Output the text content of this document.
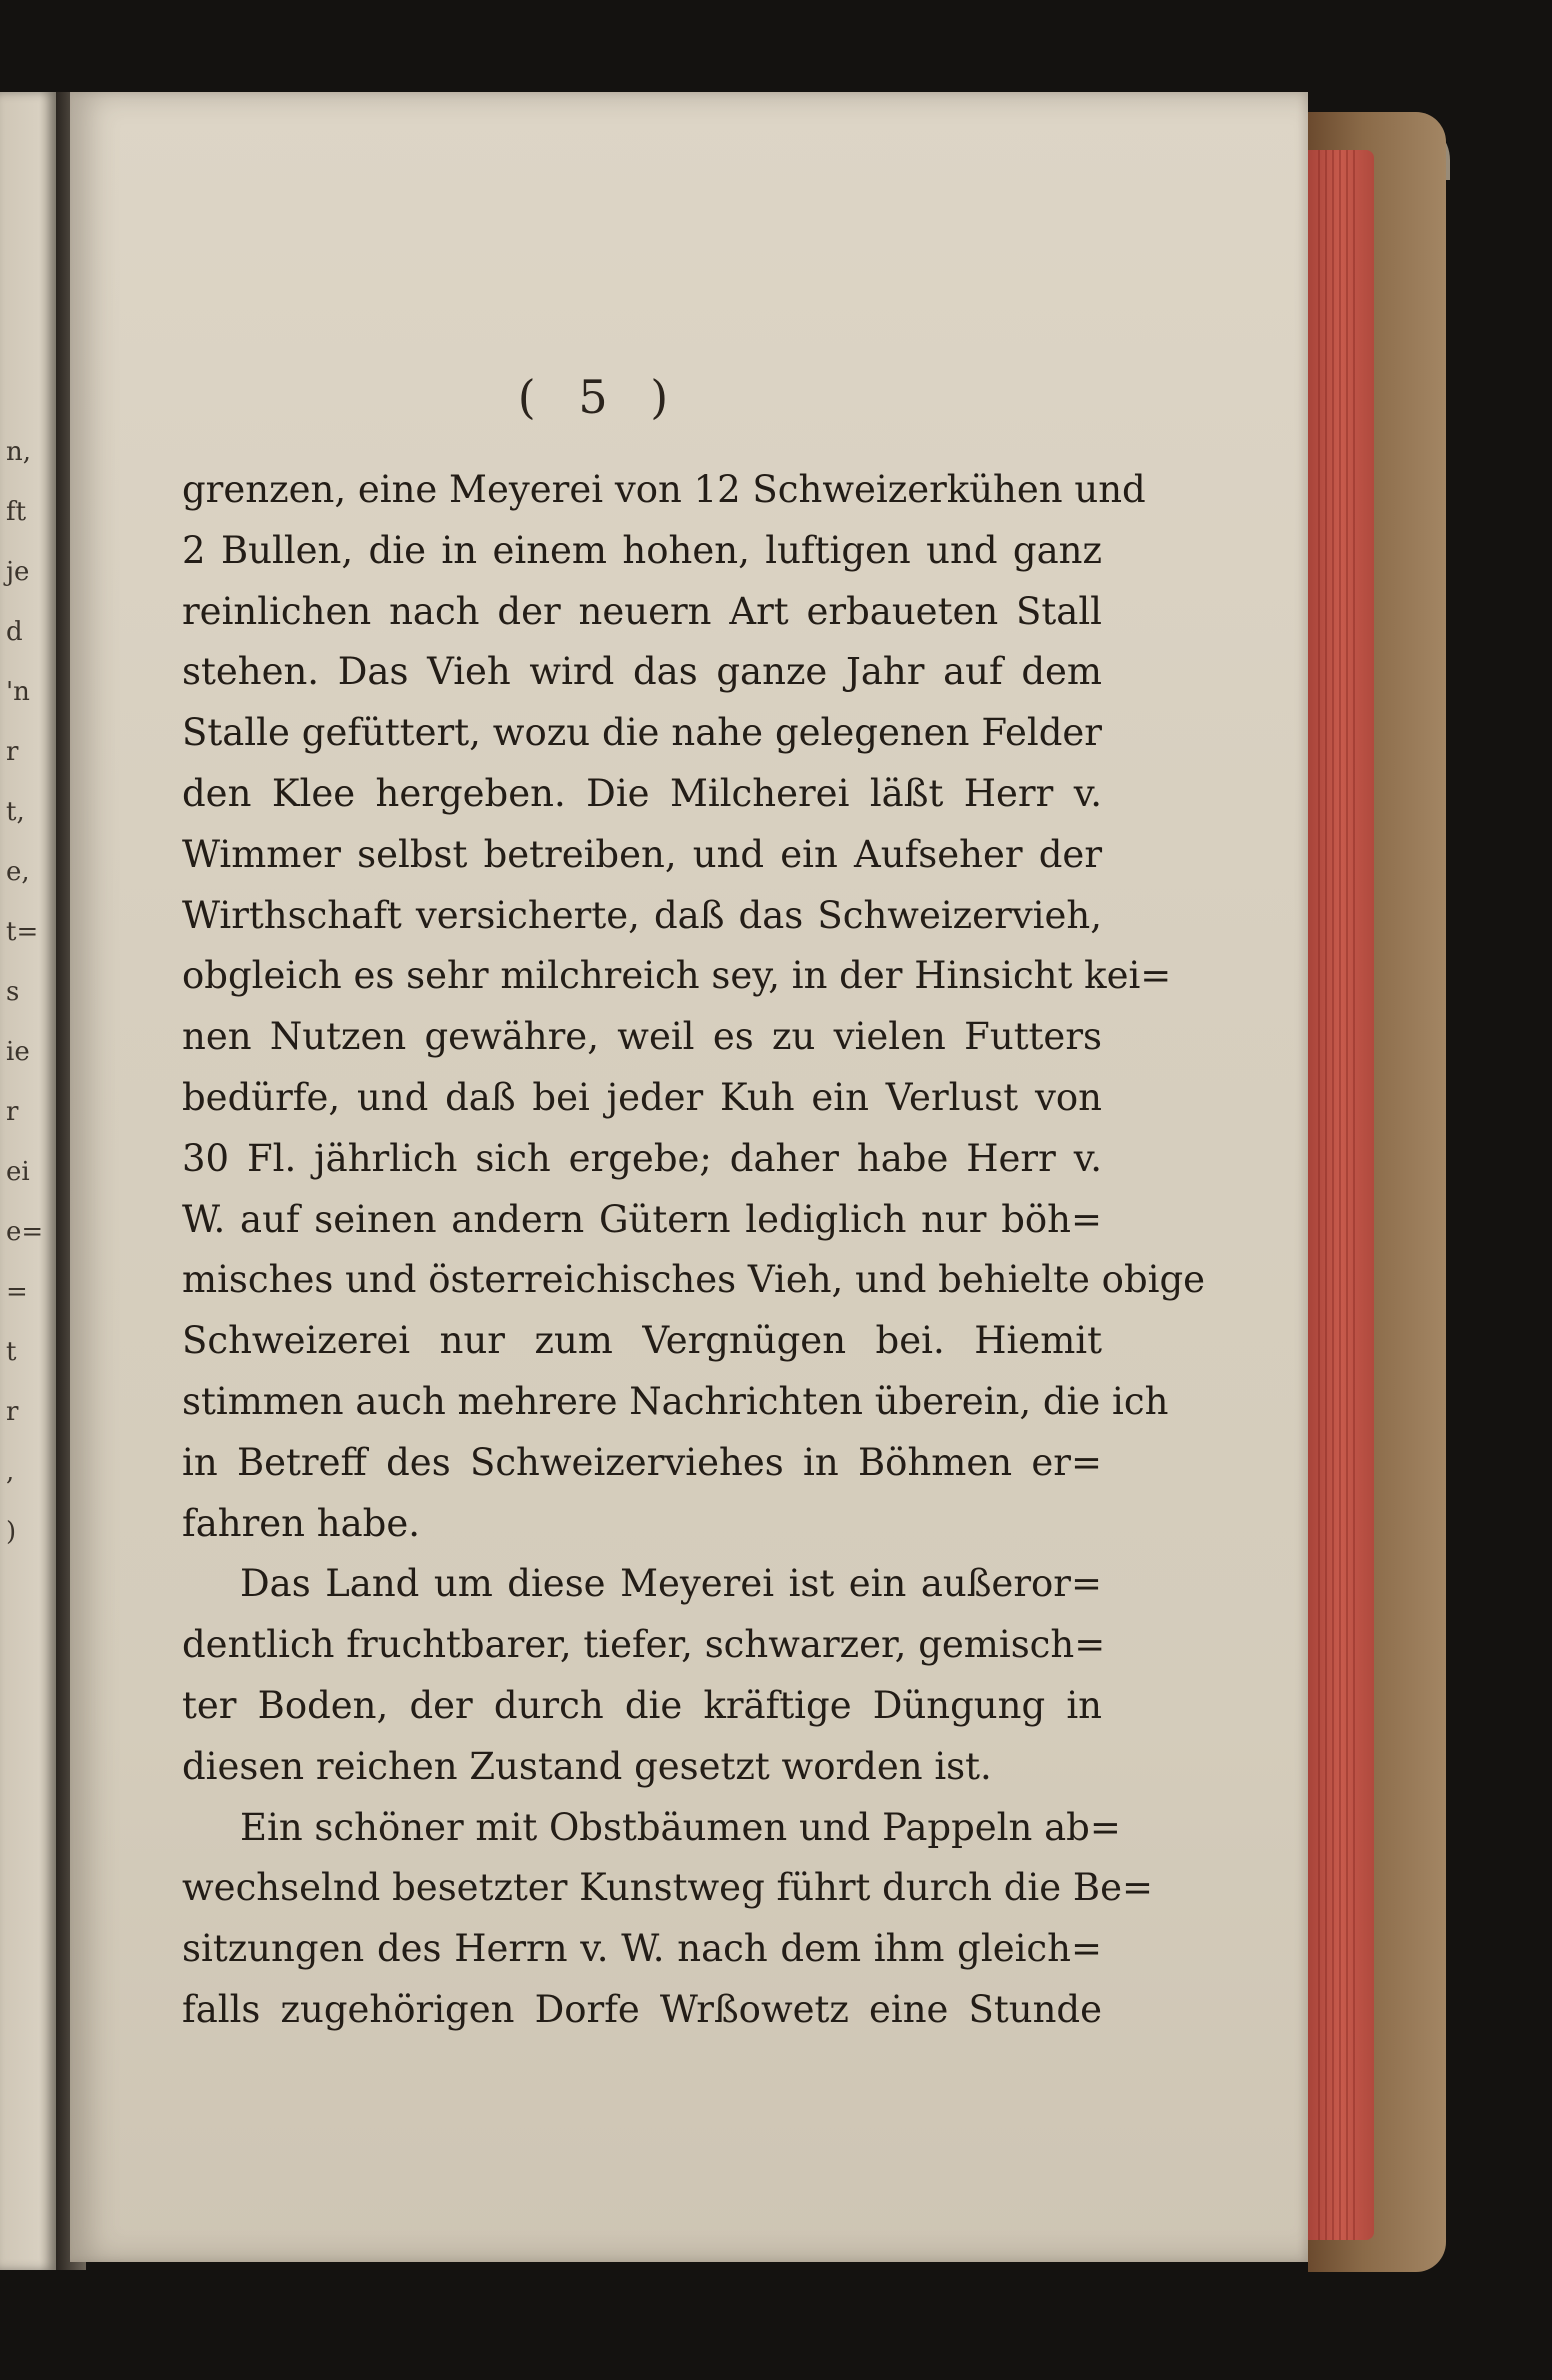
n,
ft
je
d
'n
r
t,
e,
t=
s
ie
r
ei
e=
=
t
r
,
)
( 5 )
grenzen, eine Meyerei von 12 Schweizerkühen und
2 Bullen, die in einem hohen, luftigen und ganz
reinlichen nach der neuern Art erbaueten Stall
stehen. Das Vieh wird das ganze Jahr auf dem
Stalle gefüttert, wozu die nahe gelegenen Felder
den Klee hergeben. Die Milcherei läßt Herr v.
Wimmer selbst betreiben, und ein Aufseher der
Wirthschaft versicherte, daß das Schweizervieh,
obgleich es sehr milchreich sey, in der Hinsicht kei=
nen Nutzen gewähre, weil es zu vielen Futters
bedürfe, und daß bei jeder Kuh ein Verlust von
30 Fl. jährlich sich ergebe; daher habe Herr v.
W. auf seinen andern Gütern lediglich nur böh=
misches und österreichisches Vieh, und behielte obige
Schweizerei nur zum Vergnügen bei. Hiemit
stimmen auch mehrere Nachrichten überein, die ich
in Betreff des Schweizerviehes in Böhmen er=
fahren habe.
Das Land um diese Meyerei ist ein außeror=
dentlich fruchtbarer, tiefer, schwarzer, gemisch=
ter Boden, der durch die kräftige Düngung in
diesen reichen Zustand gesetzt worden ist.
Ein schöner mit Obstbäumen und Pappeln ab=
wechselnd besetzter Kunstweg führt durch die Be=
sitzungen des Herrn v. W. nach dem ihm gleich=
falls zugehörigen Dorfe Wrßowetz eine Stunde
